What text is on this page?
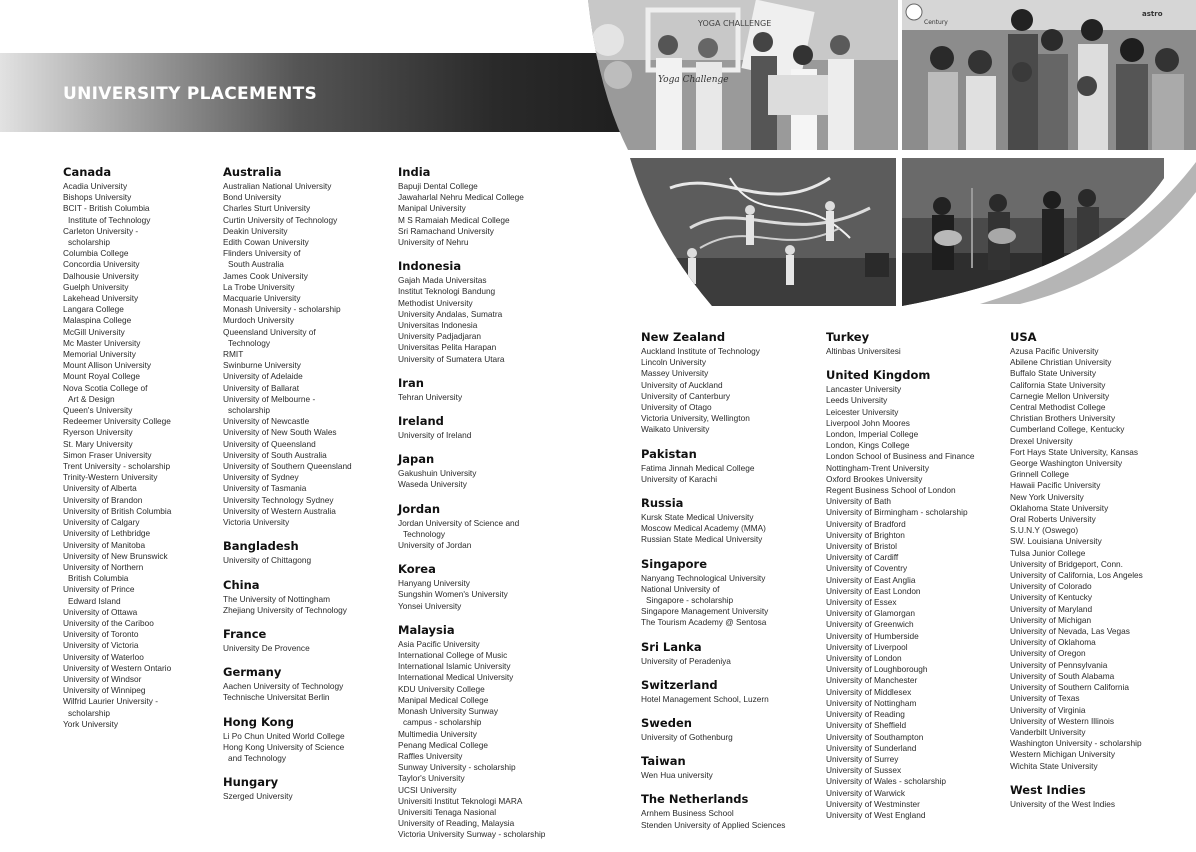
UNIVERSITY PLACEMENTS
Yoga Challenge
YOGA CHALLENGE	Century
astro
Canada
Acadia University
Bishops University
BCIT - British Columbia
Institute of Technology
Carleton University -
scholarship
Columbia College
Concordia University
Dalhousie University
Guelph University
Lakehead University
Langara College
Malaspina College
McGill University
Mc Master University
Memorial University
Mount Allison University
Mount Royal College
Nova Scotia College of
Art & Design
Queen's University
Redeemer University College
Ryerson University
St. Mary University
Simon Fraser University
Trent University - scholarship
Trinity-Western University
University of Alberta
University of Brandon
University of British Columbia
University of Calgary
University of Lethbridge
University of Manitoba
University of New Brunswick
University of Northern
British Columbia
University of Prince
Edward Island
University of Ottawa
University of the Cariboo
University of Toronto
University of Victoria
University of Waterloo
University of Western Ontario
University of Windsor
University of Winnipeg
Wilfrid Laurier University -
scholarship
York University
Australia
Australian National University
Bond University
Charles Sturt University
Curtin University of Technology
Deakin University
Edith Cowan University
Flinders University of
South Australia
James Cook University
La Trobe University
Macquarie University
Monash University - scholarship
Murdoch University
Queensland University of
Technology
RMIT
Swinburne University
University of Adelaide
University of Ballarat
University of Melbourne -
scholarship
University of Newcastle
University of New South Wales
University of Queensland
University of South Australia
University of Southern Queensland
University of Sydney
University of Tasmania
University Technology Sydney
University of Western Australia
Victoria University
Bangladesh
University of Chittagong
China
The University of Nottingham
Zhejiang University of Technology
France
University De Provence
Germany
Aachen University of Technology
Technische Universitat Berlin
Hong Kong
Li Po Chun United World College
Hong Kong University of Science
and Technology
Hungary
Szerged University
India
Bapuji Dental College
Jawaharlal Nehru Medical College
Manipal University
M S Ramaiah Medical College
Sri Ramachand University
University of Nehru
Indonesia
Gajah Mada Universitas
Institut Teknologi Bandung
Methodist University
University Andalas, Sumatra
Universitas Indonesia
University Padjadjaran
Universitas Pelita Harapan
University of Sumatera Utara
Iran
Tehran University
Ireland
University of Ireland
Japan
Gakushuin University
Waseda University
Jordan
Jordan University of Science and
Technology
University of Jordan
Korea
Hanyang University
Sungshin Women's University
Yonsei University
Malaysia
Asia Pacific University
International College of Music
International Islamic University
International Medical University
KDU University College
Manipal Medical College
Monash University Sunway
campus - scholarship
Multimedia University
Penang Medical College
Raffles University
Sunway University - scholarship
Taylor's University
UCSI University
Universiti Institut Teknologi MARA
Universiti Tenaga Nasional
University of Reading, Malaysia
Victoria University Sunway - scholarship
New Zealand
Auckland Institute of Technology
Lincoln University
Massey University
University of Auckland
University of Canterbury
University of Otago
Victoria University, Wellington
Waikato University
Pakistan
Fatima Jinnah Medical College
University of Karachi
Russia
Kursk State Medical University
Moscow Medical Academy (MMA)
Russian State Medical University
Singapore
Nanyang Technological University
National University of
Singapore - scholarship
Singapore Management University
The Tourism Academy @ Sentosa
Sri Lanka
University of Peradeniya
Switzerland
Hotel Management School, Luzern
Sweden
University of Gothenburg
Taiwan
Wen Hua university
The Netherlands
Arnhem Business School
Stenden University of Applied Sciences
Turkey
Altinbas Universitesi
United Kingdom
Lancaster University
Leeds University
Leicester University
Liverpool John Moores
London, Imperial College
London, Kings College
London School of Business and Finance
Nottingham-Trent University
Oxford Brookes University
Regent Business School of London
University of Bath
University of Birmingham - scholarship
University of Bradford
University of Brighton
University of Bristol
University of Cardiff
University of Coventry
University of East Anglia
University of East London
University of Essex
University of Glamorgan
University of Greenwich
University of Humberside
University of Liverpool
University of London
University of Loughborough
University of Manchester
University of Middlesex
University of Nottingham
University of Reading
University of Sheffield
University of Southampton
University of Sunderland
University of Surrey
University of Sussex
University of Wales - scholarship
University of Warwick
University of Westminster
University of West England
USA
Azusa Pacific University
Abilene Christian University
Buffalo State University
California State University
Carnegie Mellon University
Central Methodist College
Christian Brothers University
Cumberland College, Kentucky
Drexel University
Fort Hays State University, Kansas
George Washington University
Grinnell College
Hawaii Pacific University
New York University
Oklahoma State University
Oral Roberts University
S.U.N.Y (Oswego)
SW. Louisiana University
Tulsa Junior College
University of Bridgeport, Conn.
University of California, Los Angeles
University of Colorado
University of Kentucky
University of Maryland
University of Michigan
University of Nevada, Las Vegas
University of Oklahoma
University of Oregon
University of Pennsylvania
University of South Alabama
University of Southern California
University of Texas
University of Virginia
University of Western Illinois
Vanderbilt University
Washington University - scholarship
Western Michigan University
Wichita State University
West Indies
University of the West Indies
